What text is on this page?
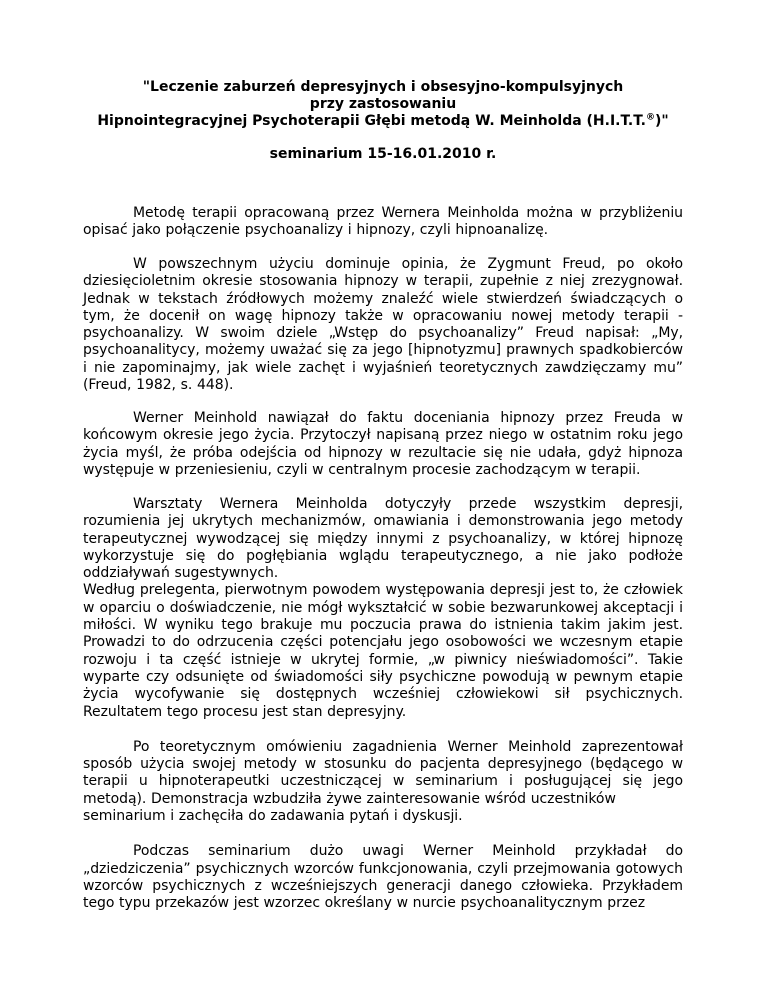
"Leczenie zaburzeń depresyjnych i obsesyjno-kompulsyjnych
przy zastosowaniu
Hipnointegracyjnej Psychoterapii Głębi metodą W. Meinholda (H.I.T.T.®)"
seminarium 15-16.01.2010 r.
Metodę terapii opracowaną przez Wernera Meinholda można w przybliżeniu opisać jako połączenie psychoanalizy i hipnozy, czyli hipnoanalizę.
W powszechnym użyciu dominuje opinia, że Zygmunt Freud, po około dziesięcioletnim okresie stosowania hipnozy w terapii, zupełnie z niej zrezygnował. Jednak w tekstach źródłowych możemy znaleźć wiele stwierdzeń świadczących o tym, że docenił on wagę hipnozy także w opracowaniu nowej metody terapii - psychoanalizy. W swoim dziele „Wstęp do psychoanalizy” Freud napisał: „My, psychoanalitycy, możemy uważać się za jego [hipnotyzmu] prawnych spadkobierców i nie zapominajmy, jak wiele zachęt i wyjaśnień teoretycznych zawdzięczamy mu” (Freud, 1982, s. 448).
Werner Meinhold nawiązał do faktu doceniania hipnozy przez Freuda w końcowym okresie jego życia. Przytoczył napisaną przez niego w ostatnim roku jego życia myśl, że próba odejścia od hipnozy w rezultacie się nie udała, gdyż hipnoza występuje w przeniesieniu, czyli w centralnym procesie zachodzącym w terapii.
Warsztaty Wernera Meinholda dotyczyły przede wszystkim depresji, rozumienia jej ukrytych mechanizmów, omawiania i demonstrowania jego metody terapeutycznej wywodzącej się między innymi z psychoanalizy, w której hipnozę wykorzystuje się do pogłębiania wglądu terapeutycznego, a nie jako podłoże oddziaływań sugestywnych.
Według prelegenta, pierwotnym powodem występowania depresji jest to, że człowiek w oparciu o doświadczenie, nie mógł wykształcić w sobie bezwarunkowej akceptacji i miłości. W wyniku tego brakuje mu poczucia prawa do istnienia takim jakim jest. Prowadzi to do odrzucenia części potencjału jego osobowości we wczesnym etapie rozwoju i ta część istnieje w ukrytej formie, „w piwnicy nieświadomości”. Takie wyparte czy odsunięte od świadomości siły psychiczne powodują w pewnym etapie życia wycofywanie się dostępnych wcześniej człowiekowi sił psychicznych. Rezultatem tego procesu jest stan depresyjny.
Po teoretycznym omówieniu zagadnienia Werner Meinhold zaprezentował sposób użycia swojej metody w stosunku do pacjenta depresyjnego (będącego w terapii u hipnoterapeutki uczestniczącej w seminarium i posługującej się jego metodą). Demonstracja wzbudziła żywe zainteresowanie wśród uczestników
seminarium i zachęciła do zadawania pytań i dyskusji.
Podczas seminarium dużo uwagi Werner Meinhold przykładał do „dziedziczenia” psychicznych wzorców funkcjonowania, czyli przejmowania gotowych wzorców psychicznych z wcześniejszych generacji danego człowieka. Przykładem tego typu przekazów jest wzorzec określany w nurcie psychoanalitycznym przez
